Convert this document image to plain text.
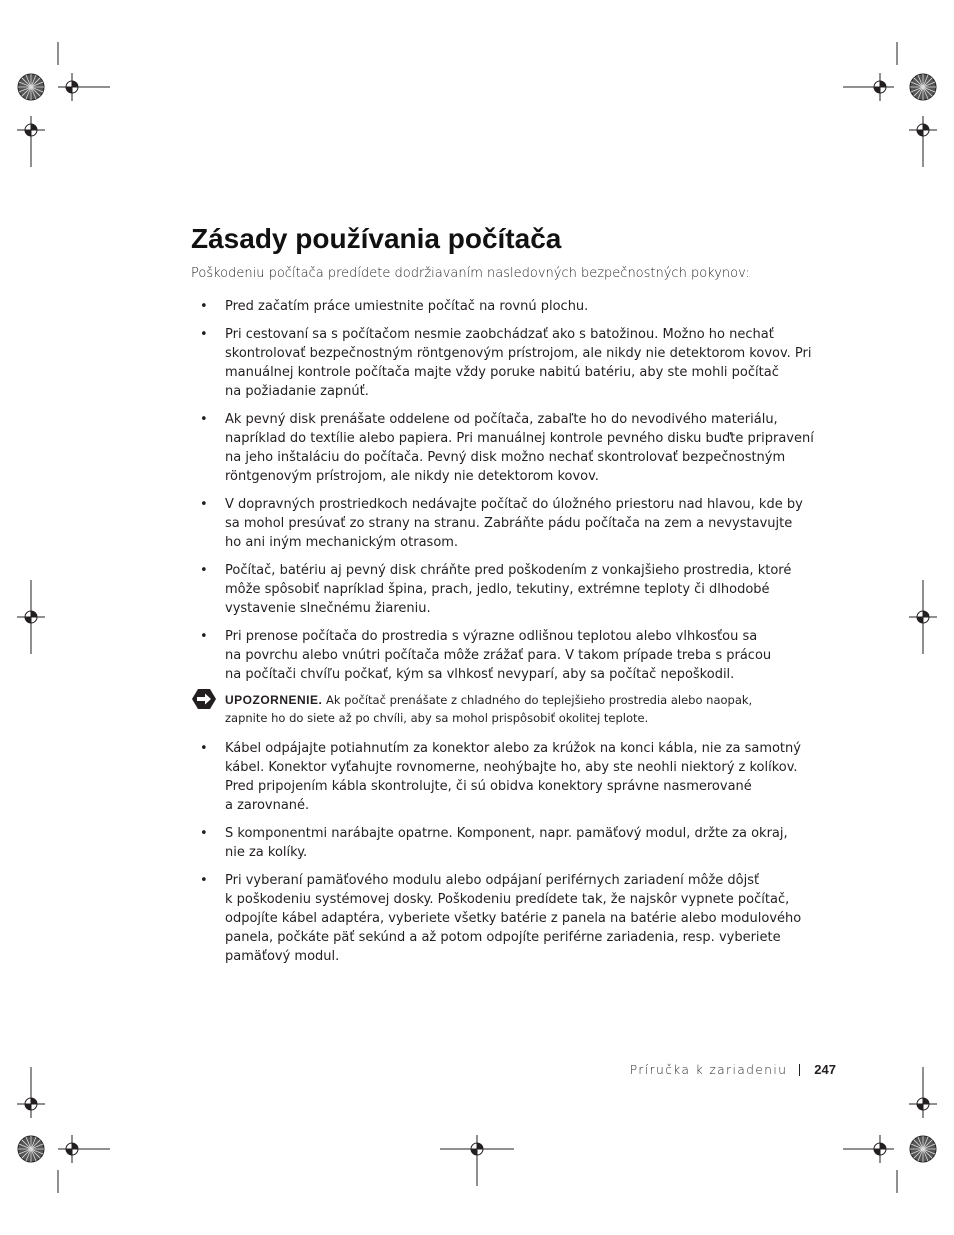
Zásady používania počítača
Poškodeniu počítača predídete dodržiavaním nasledovných bezpečnostných pokynov:
• Pred začatím práce umiestnite počítač na rovnú plochu.
• Pri cestovaní sa s počítačom nesmie zaobchádzať ako s batožinou. Možno ho nechať
skontrolovať bezpečnostným röntgenovým prístrojom, ale nikdy nie detektorom kovov. Pri
manuálnej kontrole počítača majte vždy poruke nabitú batériu, aby ste mohli počítač
na požiadanie zapnúť.
• Ak pevný disk prenášate oddelene od počítača, zabaľte ho do nevodivého materiálu,
napríklad do textílie alebo papiera. Pri manuálnej kontrole pevného disku buďte pripravení
na jeho inštaláciu do počítača. Pevný disk možno nechať skontrolovať bezpečnostným
röntgenovým prístrojom, ale nikdy nie detektorom kovov.
• V dopravných prostriedkoch nedávajte počítač do úložného priestoru nad hlavou, kde by
sa mohol presúvať zo strany na stranu. Zabráňte pádu počítača na zem a nevystavujte
ho ani iným mechanickým otrasom.
• Počítač, batériu aj pevný disk chráňte pred poškodením z vonkajšieho prostredia, ktoré
môže spôsobiť napríklad špina, prach, jedlo, tekutiny, extrémne teploty či dlhodobé
vystavenie slnečnému žiareniu.
• Pri prenose počítača do prostredia s výrazne odlišnou teplotou alebo vlhkosťou sa
na povrchu alebo vnútri počítača môže zrážať para. V takom prípade treba s prácou
na počítači chvíľu počkať, kým sa vlhkosť nevyparí, aby sa počítač nepoškodil.
UPOZORNENIE. Ak počítač prenášate z chladného do teplejšieho prostredia alebo naopak,
zapnite ho do siete až po chvíli, aby sa mohol prispôsobiť okolitej teplote.
• Kábel odpájajte potiahnutím za konektor alebo za krúžok na konci kábla, nie za samotný
kábel. Konektor vyťahujte rovnomerne, neohýbajte ho, aby ste neohli niektorý z kolíkov.
Pred pripojením kábla skontrolujte, či sú obidva konektory správne nasmerované
a zarovnané.
• S komponentmi narábajte opatrne. Komponent, napr. pamäťový modul, držte za okraj,
nie za kolíky.
• Pri vyberaní pamäťového modulu alebo odpájaní periférnych zariadení môže dôjsť
k poškodeniu systémovej dosky. Poškodeniu predídete tak, že najskôr vypnete počítač,
odpojíte kábel adaptéra, vyberiete všetky batérie z panela na batérie alebo modulového
panela, počkáte päť sekúnd a až potom odpojíte periférne zariadenia, resp. vyberiete
pamäťový modul.
Príručka k zariadeniu 247
